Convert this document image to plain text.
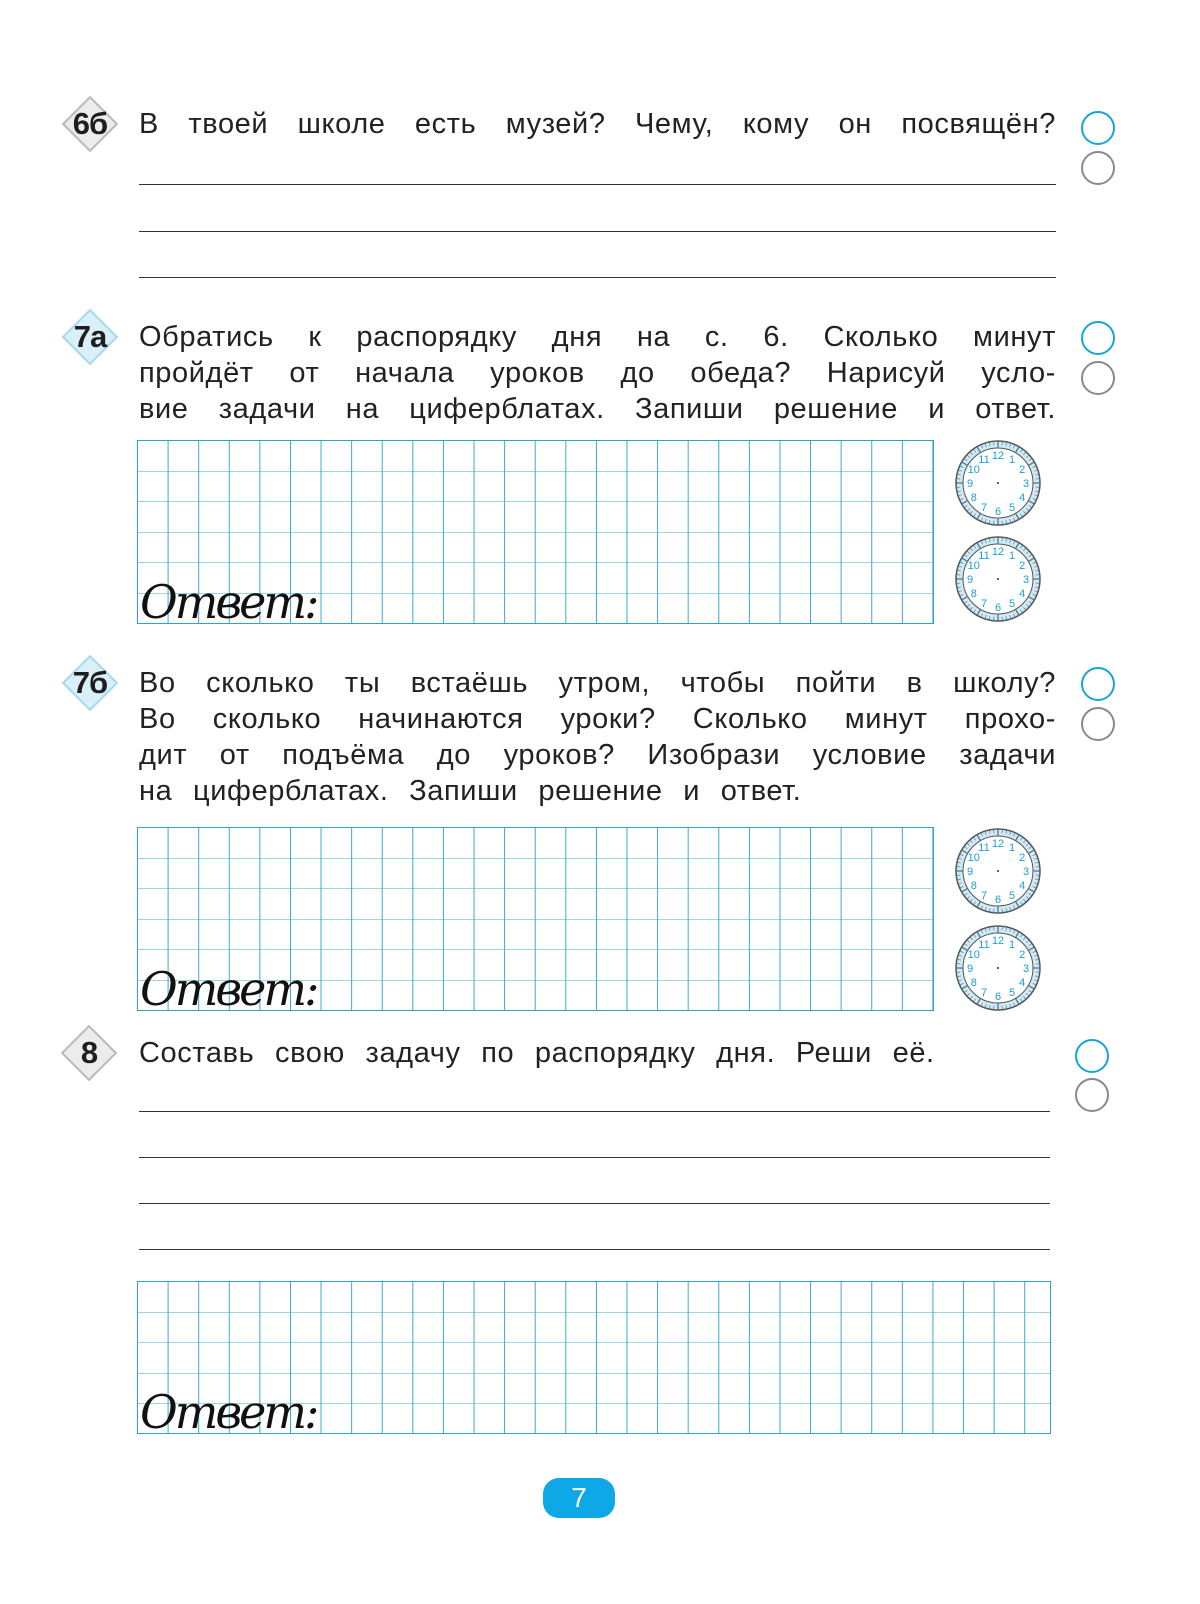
6б В твоей школе есть музей? Чему, кому он посвящён?
7а Обратись к распорядку дня на с. 6. Сколько минут
пройдёт от начала уроков до обеда? Нарисуй усло-
вие задачи на циферблатах. Запиши решение и ответ.
Ответ:
12 1
2
3
4
5
6
7
8
9
10
11
12 1
2
3
4
5
6
7
8
9
10
11
7б Во сколько ты встаёшь утром, чтобы пойти в школу?
Во сколько начинаются уроки? Сколько минут прохо-
дит от подъёма до уроков? Изобрази условие задачи
на циферблатах. Запиши решение и ответ.
Ответ:
12 1
2
3
4
5
6
7
8
9
10
11
12 1
2
3
4
5
6
7
8
9
10
11
8 Составь свою задачу по распорядку дня. Реши её.
Ответ:
7
